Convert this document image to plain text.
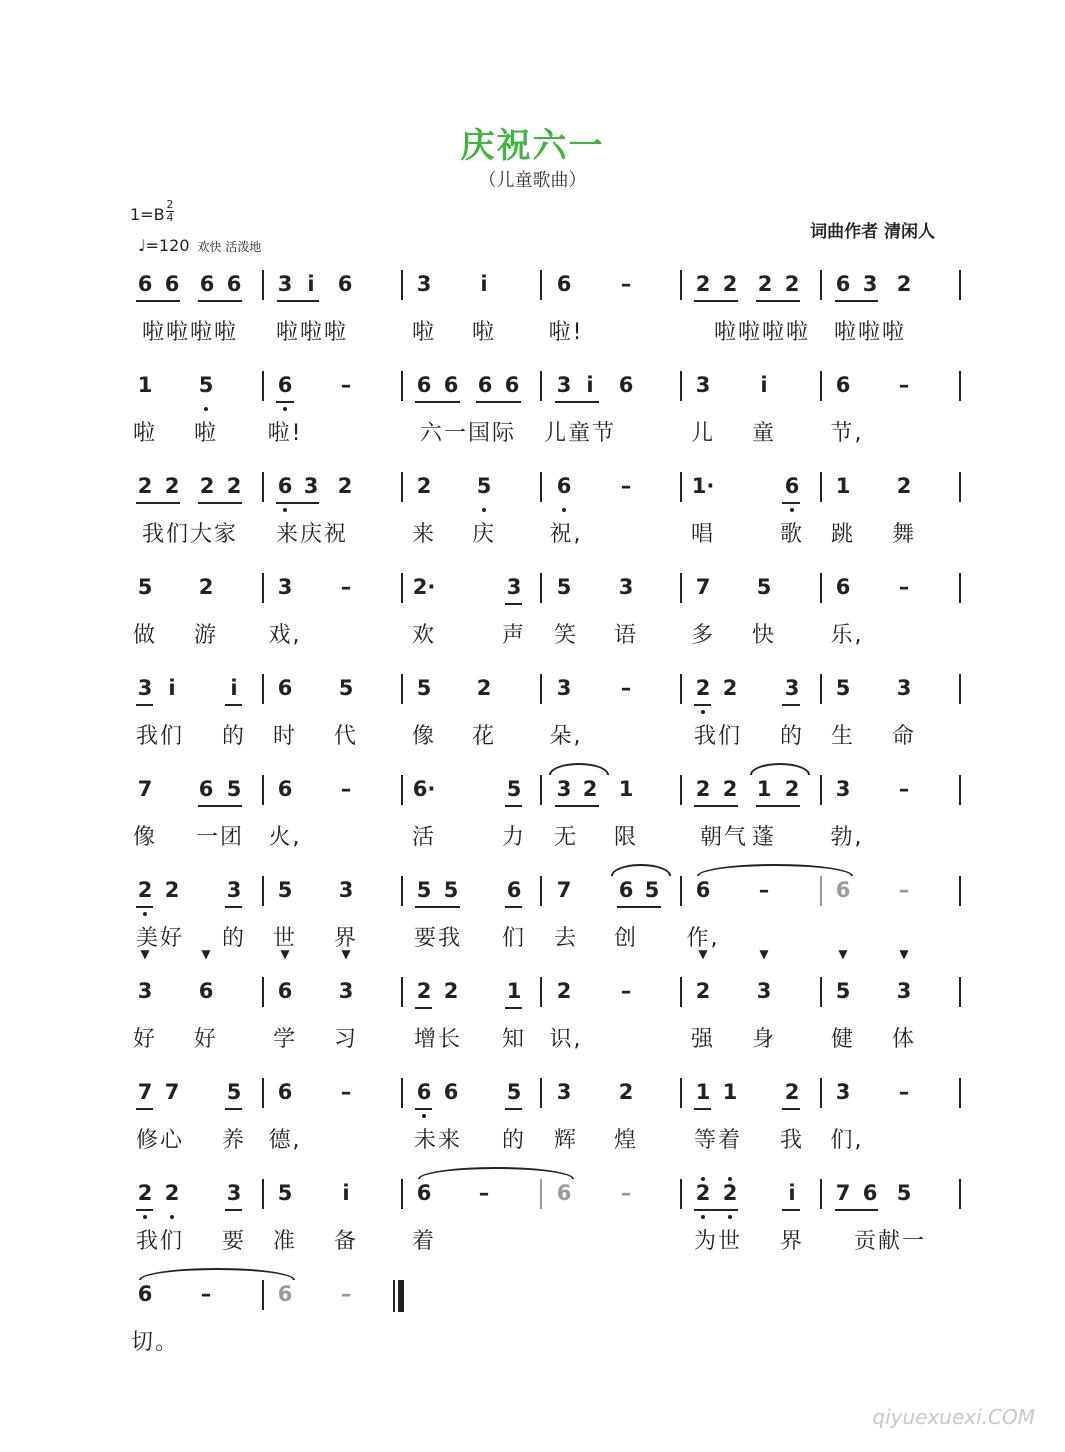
庆祝六一
（儿童歌曲）
1=B
2
4
♩=120 欢快 活泼地
词曲作者 清闲人
6 6 6 6 3 i 6	3 i	6 –	2 2 2 2 6 3 2
啦啦啦啦 啦啦啦	啦 啦 啦!	啦啦啦啦 啦啦啦
1 5	6 –	6 6 6 6 3 i 6	3 i	6 –
啦 啦 啦!	六一国际 儿童节	儿 童 节,
2 2 2 2 6 3 2	2 5	6 –	1·	6 1 2
我们大家 来庆祝	来 庆 祝,	唱	歌 跳 舞
5 2	3 –	2·	3 5 3	7 5	6 –
做 游 戏,	欢	声 笑 语 多 快 乐,
3 i	i 6 5	5 2	3 –	2 2 3 5 3
我们 的 时 代 像 花 朵,	我们 的 生 命
7 6 5 6 –	6·	5 3 2 1	2 2 1 2 3 –
像 一团 火,	活	力 无 限	朝气 蓬 勃,
2 2 3 5 3	5 5 6 7 6 5 6 –	6 –
美好 的 世 界	要我 们 去 创 作,
3 6	6 3	2 2 1 2 –	2 3	5 3
▼	▼	▼	▼	▼	▼	▼	▼
好 好 学 习	增长 知 识,	强 身 健 体
7 7 5 6 –	6 6 5 3 2	1 1 2 3 –
修心 养 德,	未来 的 辉 煌	等着 我 们,
2 2 3 5 i	6 –	6 –	2 2 i 7 6 5
我们 要 准 备 着	为世 界 贡献一
6 –	6 –
切。
qiyuexuexi.COM
